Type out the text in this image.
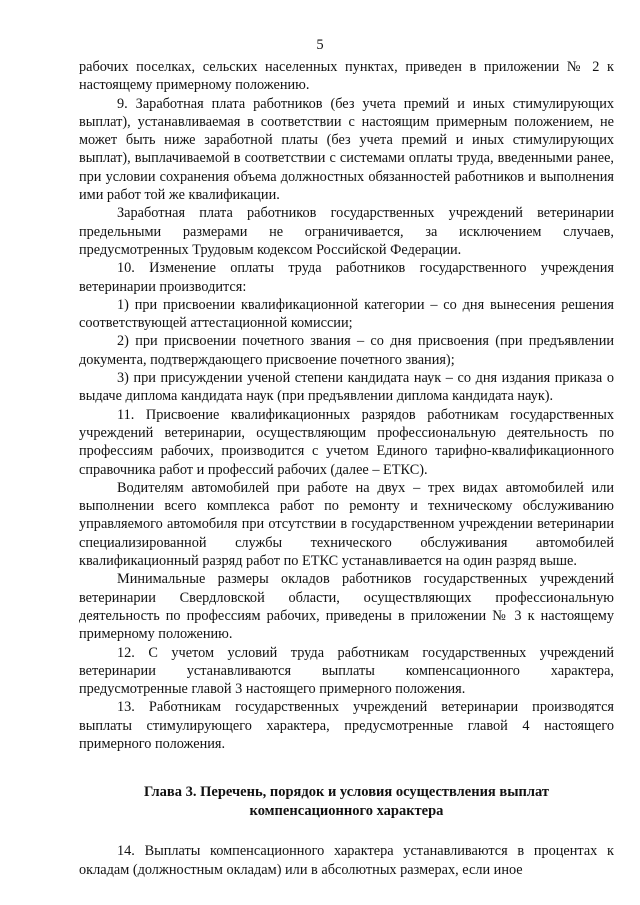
5

рабочих поселках, сельских населенных пунктах, приведен в приложении № 2 к настоящему примерному положению.

9. Заработная плата работников (без учета премий и иных стимулирующих выплат), устанавливаемая в соответствии с настоящим примерным положением, не может быть ниже заработной платы (без учета премий и иных стимулирующих выплат), выплачиваемой в соответствии с системами оплаты труда, введенными ранее, при условии сохранения объема должностных обязанностей работников и выполнения ими работ той же квалификации.

Заработная плата работников государственных учреждений ветеринарии предельными размерами не ограничивается, за исключением случаев, предусмотренных Трудовым кодексом Российской Федерации.

10. Изменение оплаты труда работников государственного учреждения ветеринарии производится:

1) при присвоении квалификационной категории – со дня вынесения решения соответствующей аттестационной комиссии;

2) при присвоении почетного звания – со дня присвоения (при предъявлении документа, подтверждающего присвоение почетного звания);

3) при присуждении ученой степени кандидата наук – со дня издания приказа о выдаче диплома кандидата наук (при предъявлении диплома кандидата наук).

11. Присвоение квалификационных разрядов работникам государственных учреждений ветеринарии, осуществляющим профессиональную деятельность по профессиям рабочих, производится с учетом Единого тарифно-квалификационного справочника работ и профессий рабочих (далее – ЕТКС).

Водителям автомобилей при работе на двух – трех видах автомобилей или выполнении всего комплекса работ по ремонту и техническому обслуживанию управляемого автомобиля при отсутствии в государственном учреждении ветеринарии специализированной службы технического обслуживания автомобилей квалификационный разряд работ по ЕТКС устанавливается на один разряд выше.

Минимальные размеры окладов работников государственных учреждений ветеринарии Свердловской области, осуществляющих профессиональную деятельность по профессиям рабочих, приведены в приложении № 3 к настоящему примерному положению.

12. С учетом условий труда работникам государственных учреждений ветеринарии устанавливаются выплаты компенсационного характера, предусмотренные главой 3 настоящего примерного положения.

13. Работникам государственных учреждений ветеринарии производятся выплаты стимулирующего характера, предусмотренные главой 4 настоящего примерного положения.

Глава 3. Перечень, порядок и условия осуществления выплат компенсационного характера

14. Выплаты компенсационного характера устанавливаются в процентах к окладам (должностным окладам) или в абсолютных размерах, если иное
